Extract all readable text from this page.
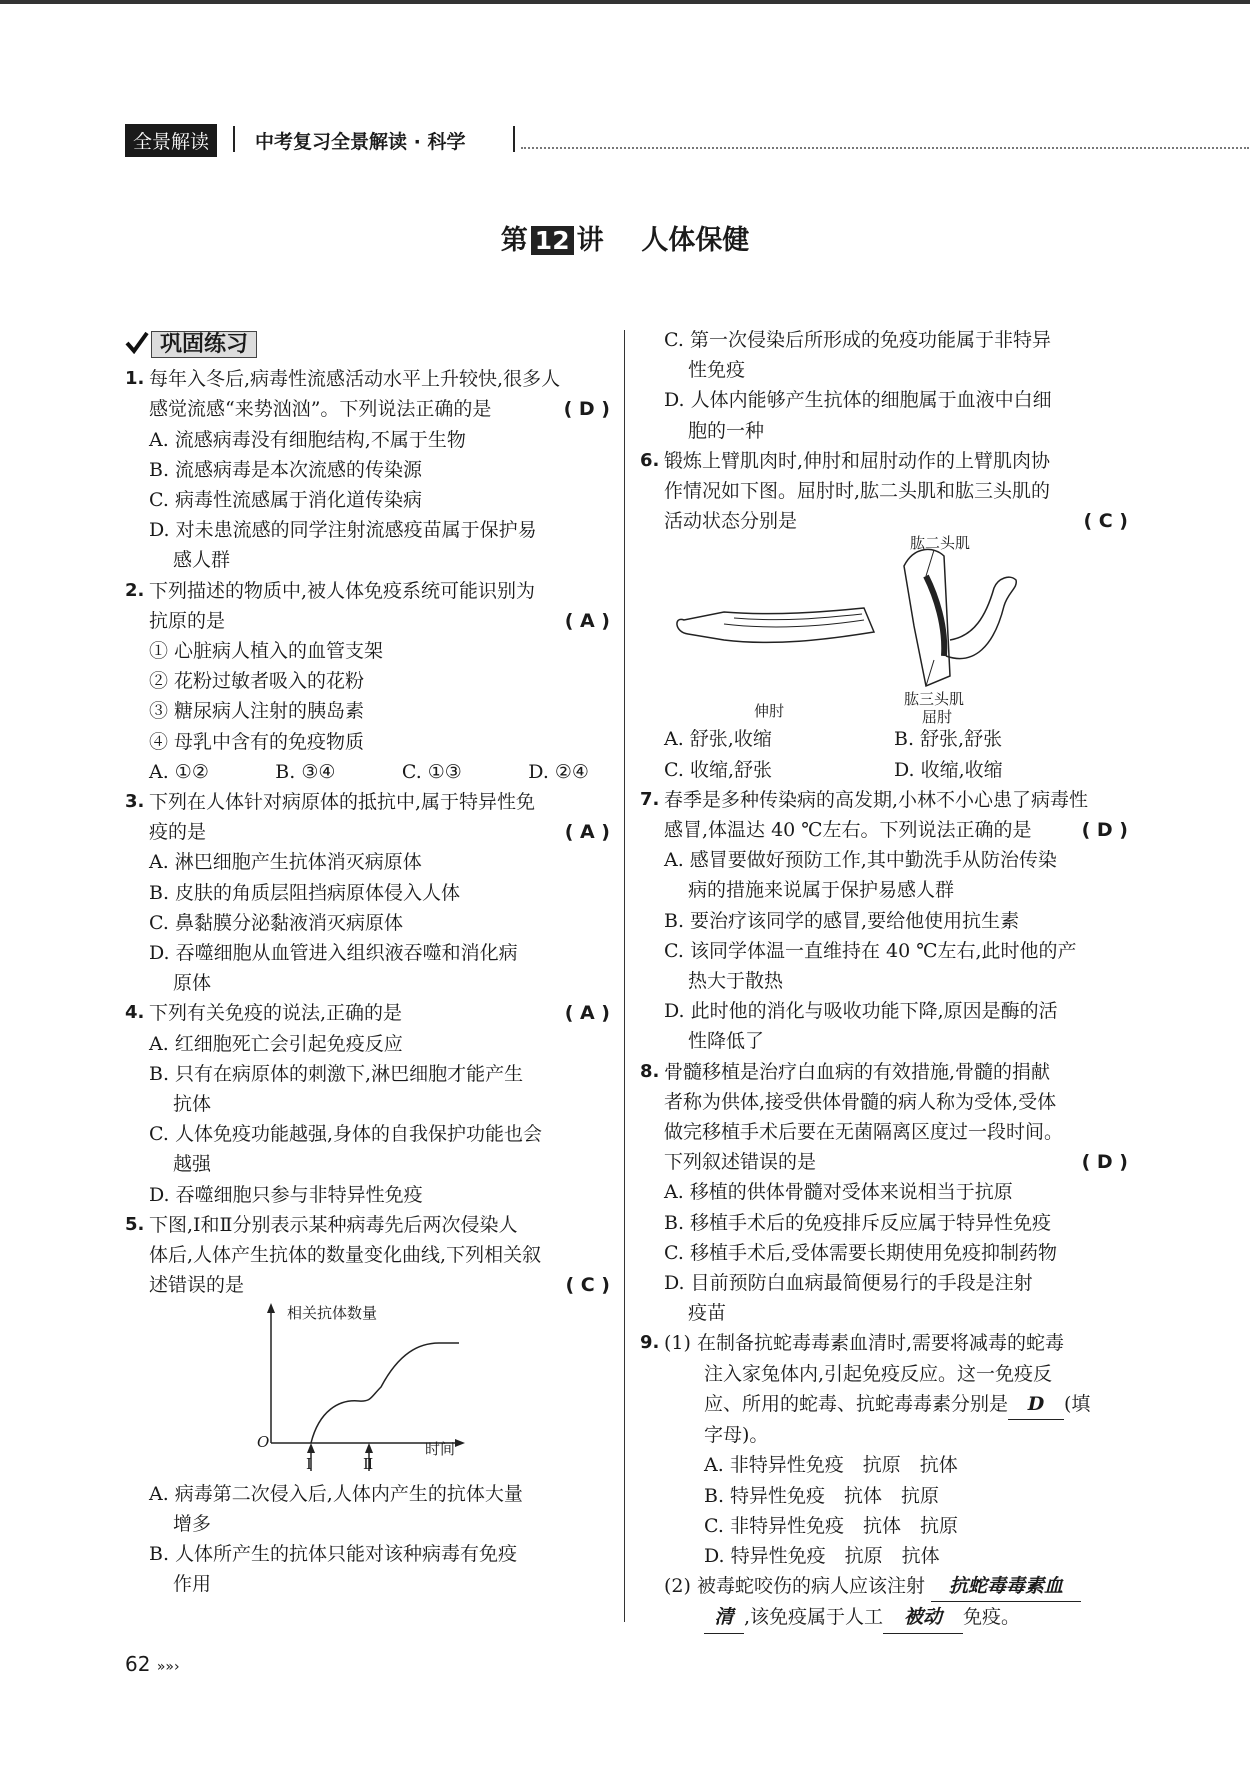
全景解读	中考复习全景解读 · 科学
第 12 讲 人体保健
巩固练习
1. 每年入冬后,病毒性流感活动水平上升较快,很多人
感觉流感“来势汹汹”。下列说法正确的是	( D )
A. 流感病毒没有细胞结构,不属于生物
B. 流感病毒是本次流感的传染源
C. 病毒性流感属于消化道传染病
D. 对未患流感的同学注射流感疫苗属于保护易
感人群
2. 下列描述的物质中,被人体免疫系统可能识别为
抗原的是	( A )
① 心脏病人植入的血管支架
② 花粉过敏者吸入的花粉
③ 糖尿病人注射的胰岛素
④ 母乳中含有的免疫物质
A. ①②	B. ③④	C. ①③	D. ②④
3. 下列在人体针对病原体的抵抗中,属于特异性免
疫的是	( A )
A. 淋巴细胞产生抗体消灭病原体
B. 皮肤的角质层阻挡病原体侵入人体
C. 鼻黏膜分泌黏液消灭病原体
D. 吞噬细胞从血管进入组织液吞噬和消化病
原体
4. 下列有关免疫的说法,正确的是	( A )
A. 红细胞死亡会引起免疫反应
B. 只有在病原体的刺激下,淋巴细胞才能产生
抗体
C. 人体免疫功能越强,身体的自我保护功能也会
越强
D. 吞噬细胞只参与非特异性免疫
5. 下图,Ⅰ和Ⅱ分别表示某种病毒先后两次侵染人
体后,人体产生抗体的数量变化曲线,下列相关叙
述错误的是	( C )
相关抗体数量
时间
O
Ⅰ	Ⅱ
A. 病毒第二次侵入后,人体内产生的抗体大量
增多
B. 人体所产生的抗体只能对该种病毒有免疫
作用
C. 第一次侵染后所形成的免疫功能属于非特异
性免疫
D. 人体内能够产生抗体的细胞属于血液中白细
胞的一种
6. 锻炼上臂肌肉时,伸肘和屈肘动作的上臂肌肉协
作情况如下图。屈肘时,肱二头肌和肱三头肌的
活动状态分别是	( C )
肱二头肌
肱三头肌
伸肘	屈肘
A. 舒张,收缩	B. 舒张,舒张
C. 收缩,舒张	D. 收缩,收缩
7. 春季是多种传染病的高发期,小林不小心患了病毒性
感冒,体温达 40 ℃左右。下列说法正确的是	( D )
A. 感冒要做好预防工作,其中勤洗手从防治传染
病的措施来说属于保护易感人群
B. 要治疗该同学的感冒,要给他使用抗生素
C. 该同学体温一直维持在 40 ℃左右,此时他的产
热大于散热
D. 此时他的消化与吸收功能下降,原因是酶的活
性降低了
8. 骨髓移植是治疗白血病的有效措施,骨髓的捐献
者称为供体,接受供体骨髓的病人称为受体,受体
做完移植手术后要在无菌隔离区度过一段时间。
下列叙述错误的是	( D )
A. 移植的供体骨髓对受体来说相当于抗原
B. 移植手术后的免疫排斥反应属于特异性免疫
C. 移植手术后,受体需要长期使用免疫抑制药物
D. 目前预防白血病最简便易行的手段是注射
疫苗
9. (1) 在制备抗蛇毒毒素血清时,需要将减毒的蛇毒
注入家兔体内,引起免疫反应。这一免疫反
应、所用的蛇毒、抗蛇毒毒素分别是 D (填
字母)。
A. 非特异性免疫　抗原　抗体
B. 特异性免疫　抗体　抗原
C. 非特异性免疫　抗体　抗原
D. 特异性免疫　抗原　抗体
(2) 被毒蛇咬伤的病人应该注射 抗蛇毒毒素血
清 ,该免疫属于人工 被动 免疫。
62 »»›
